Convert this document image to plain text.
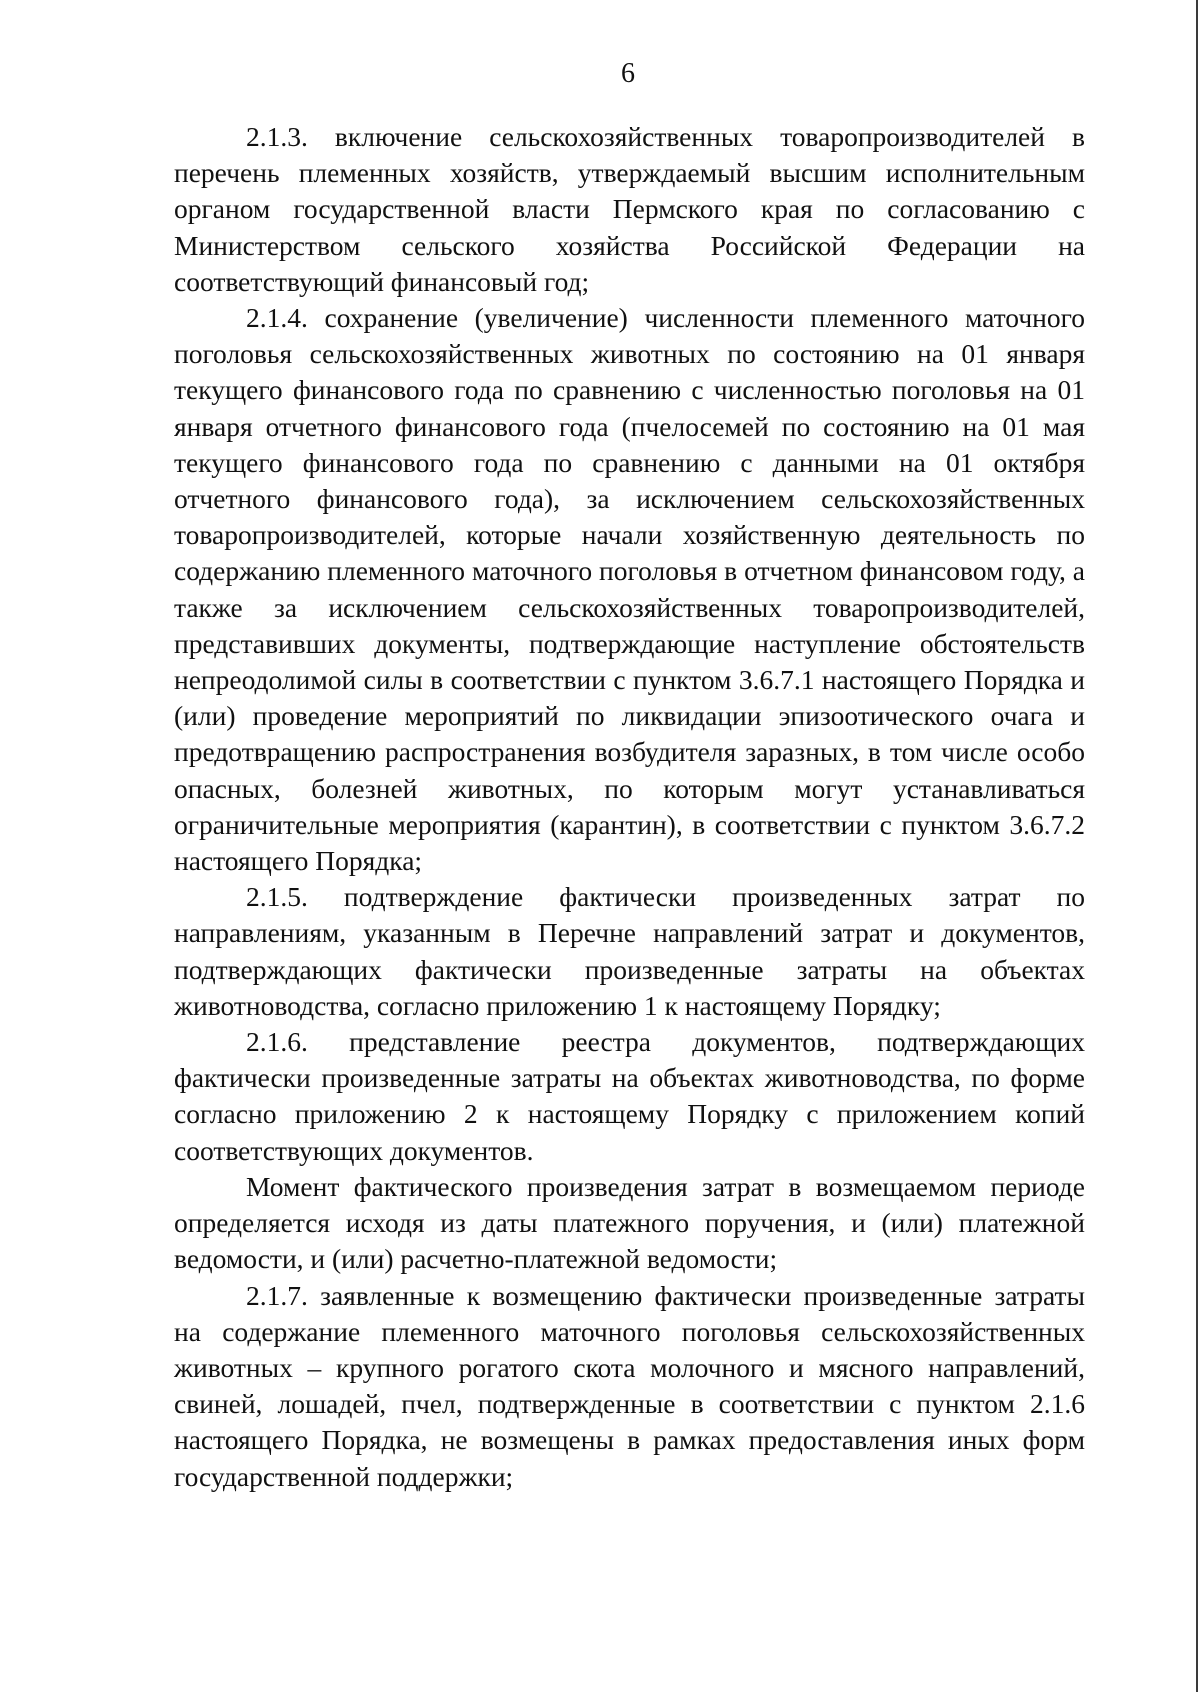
6

2.1.3. включение сельскохозяйственных товаропроизводителей в перечень племенных хозяйств, утверждаемый высшим исполнительным органом государственной власти Пермского края по согласованию с Министерством сельского хозяйства Российской Федерации на соответствующий финансовый год;

2.1.4. сохранение (увеличение) численности племенного маточного поголовья сельскохозяйственных животных по состоянию на 01 января текущего финансового года по сравнению с численностью поголовья на 01 января отчетного финансового года (пчелосемей по состоянию на 01 мая текущего финансового года по сравнению с данными на 01 октября отчетного финансового года), за исключением сельскохозяйственных товаропроизводителей, которые начали хозяйственную деятельность по содержанию племенного маточного поголовья в отчетном финансовом году, а также за исключением сельскохозяйственных товаропроизводителей, представивших документы, подтверждающие наступление обстоятельств непреодолимой силы в соответствии с пунктом 3.6.7.1 настоящего Порядка и (или) проведение мероприятий по ликвидации эпизоотического очага и предотвращению распространения возбудителя заразных, в том числе особо опасных, болезней животных, по которым могут устанавливаться ограничительные мероприятия (карантин), в соответствии с пунктом 3.6.7.2 настоящего Порядка;

2.1.5. подтверждение фактически произведенных затрат по направлениям, указанным в Перечне направлений затрат и документов, подтверждающих фактически произведенные затраты на объектах животноводства, согласно приложению 1 к настоящему Порядку;

2.1.6. представление реестра документов, подтверждающих фактически произведенные затраты на объектах животноводства, по форме согласно приложению 2 к настоящему Порядку с приложением копий соответствующих документов.

Момент фактического произведения затрат в возмещаемом периоде определяется исходя из даты платежного поручения, и (или) платежной ведомости, и (или) расчетно-платежной ведомости;

2.1.7. заявленные к возмещению фактически произведенные затраты на содержание племенного маточного поголовья сельскохозяйственных животных – крупного рогатого скота молочного и мясного направлений, свиней, лошадей, пчел, подтвержденные в соответствии с пунктом 2.1.6 настоящего Порядка, не возмещены в рамках предоставления иных форм государственной поддержки;
